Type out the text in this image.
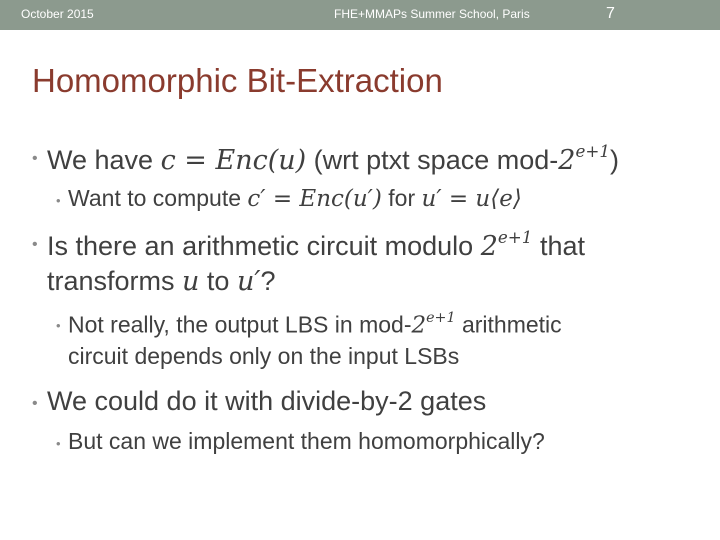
October 2015	FHE+MMAPs Summer School, Paris	7
Homomorphic Bit-Extraction
• We have c = Enc(u) (wrt ptxt space mod-$2^{e+1}$)
• Want to compute c′ = Enc(u′) for u′ = u⟨e⟩
• Is there an arithmetic circuit modulo $2^{e+1}$ that
transforms u to u′?
• Not really, the output LBS in mod-$2^{e+1}$ arithmetic
circuit depends only on the input LSBs
• We could do it with divide-by-2 gates
• But can we implement them homomorphically?
